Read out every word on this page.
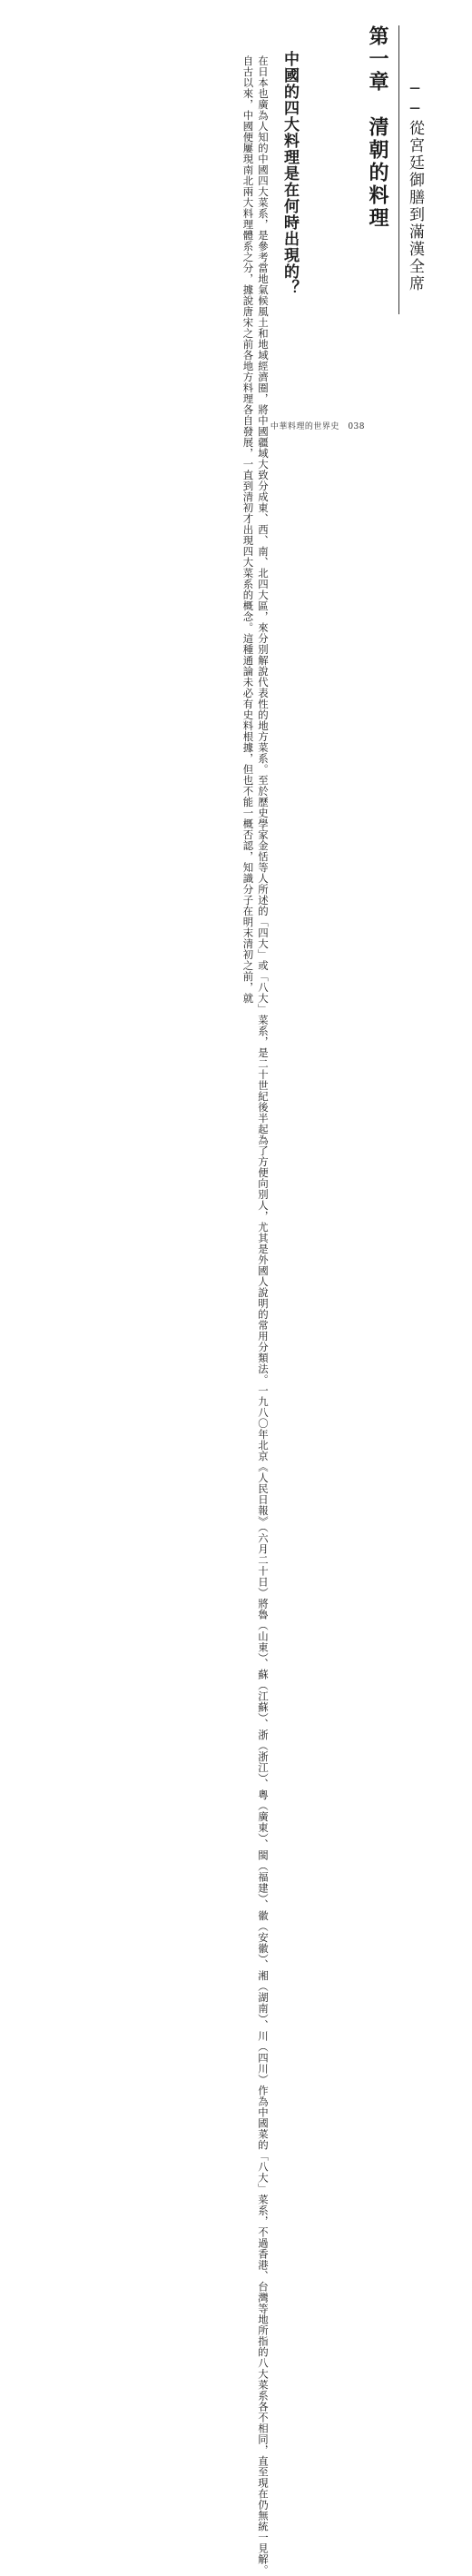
第一章　清朝的料理 ──從宮廷御膳到滿漢全席
中國的四大料理是在何時出現的？

在日本也廣為人知的中國四大菜系，是參考當地氣候風土和地域經濟圈，將中國疆域大致分成東、西、南、北四大區，來分別解說代表性的地方菜系。至於歷史學家金恬等人所述的「四大」或「八大」菜系，是二十世紀後半起為了方便向別人，尤其是外國人說明的常用分類法。一九八〇年北京《人民日報》（六月二十日）將魯（山東）、蘇（江蘇）、浙（浙江）、粵（廣東）、閩（福建）、徽（安徽）、湘（湖南）、川（四川）作為中國菜的「八大」菜系，不過香港、台灣等地所指的八大菜系各不相同，直至現在仍無統一見解。

自古以來，中國便屢現南北兩大料理體系之分，據說唐宋之前各地方料理各自發展，一直到清初才出現四大菜系的概念。這種通論未必有史料根據，但也不能一概否認，知識分子在明末清初之前，就	中華料理的世界史 038
